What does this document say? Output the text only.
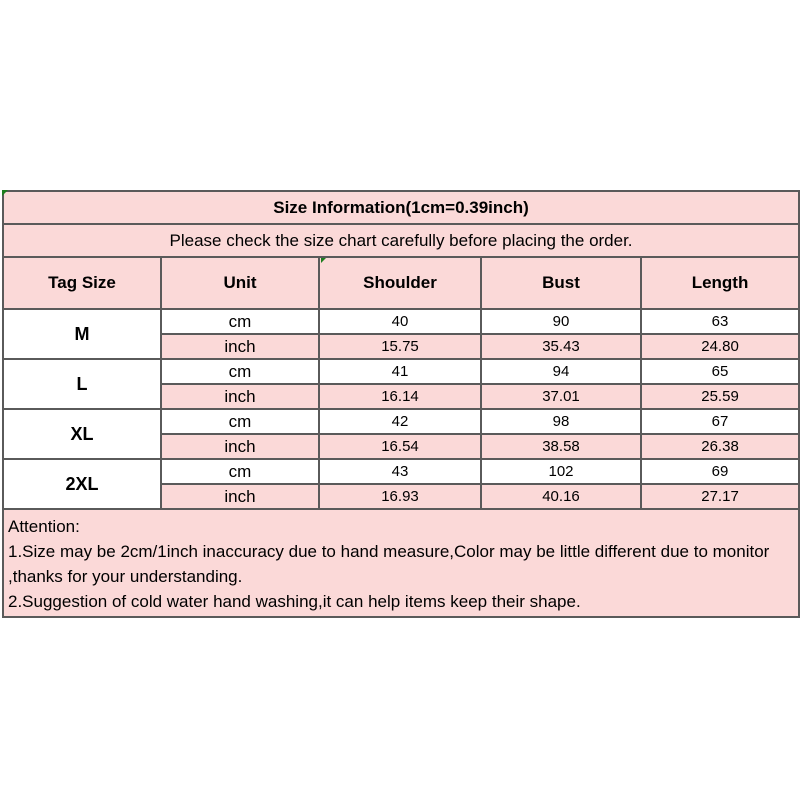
Size Information(1cm=0.39inch)				
Please check the size chart carefully before placing the order.				
Tag Size	Unit	Shoulder	Bust	Length
M	cm	40	90	63
	inch	15.75	35.43	24.80
L	cm	41	94	65
	inch	16.14	37.01	25.59
XL	cm	42	98	67
	inch	16.54	38.58	26.38
2XL	cm	43	102	69
	inch	16.93	40.16	27.17

Attention:
1.Size may be 2cm/1inch inaccuracy due to hand measure,Color may be little different due to monitor
,thanks for your understanding.
2.Suggestion of cold water hand washing,it can help items keep their shape.				
